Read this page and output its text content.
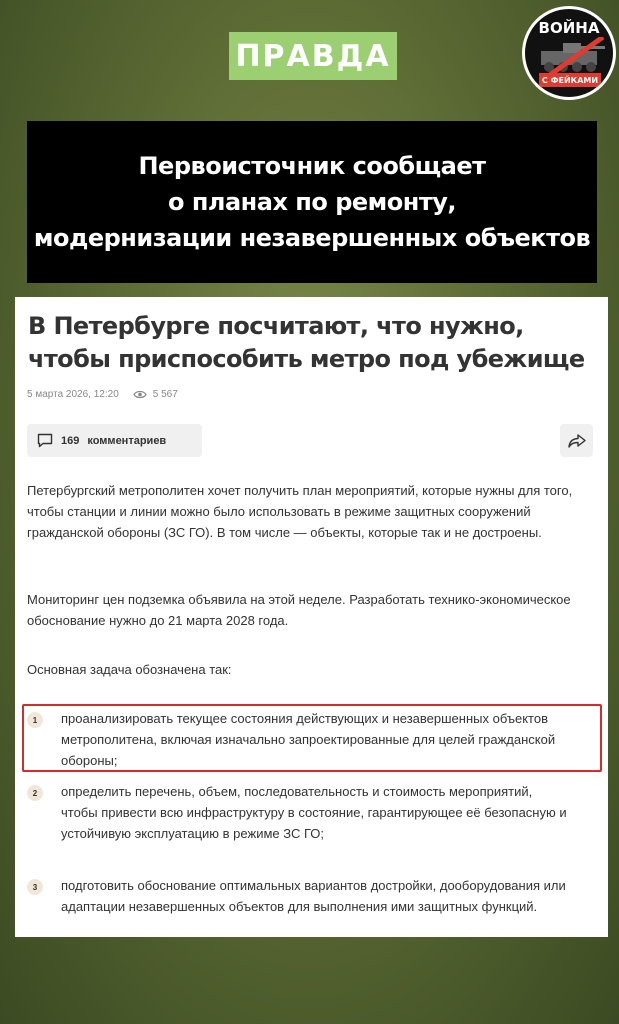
ПРАВДА
ВОЙНА
С ФЕЙКАМИ
Первоисточник сообщает
о планах по ремонту,
модернизации незавершенных объектов
В Петербурге посчитают, что нужно, чтобы приспособить метро под убежище
5 марта 2026, 12:20	5 567
169 комментариев
Петербургский метрополитен хочет получить план мероприятий, которые нужны для того, чтобы станции и линии можно было использовать в режиме защитных сооружений гражданской обороны (ЗС ГО). В том числе — объекты, которые так и не достроены.
Мониторинг цен подземка объявила на этой неделе. Разработать технико-экономическое обоснование нужно до 21 марта 2028 года.
Основная задача обозначена так:
1	проанализировать текущее состояния действующих и незавершенных объектов метрополитена, включая изначально запроектированные для целей гражданской обороны;
2	определить перечень, объем, последовательность и стоимость мероприятий, чтобы привести всю инфраструктуру в состояние, гарантирующее её безопасную и устойчивую эксплуатацию в режиме ЗС ГО;
3	подготовить обоснование оптимальных вариантов достройки, дооборудования или адаптации незавершенных объектов для выполнения ими защитных функций.
